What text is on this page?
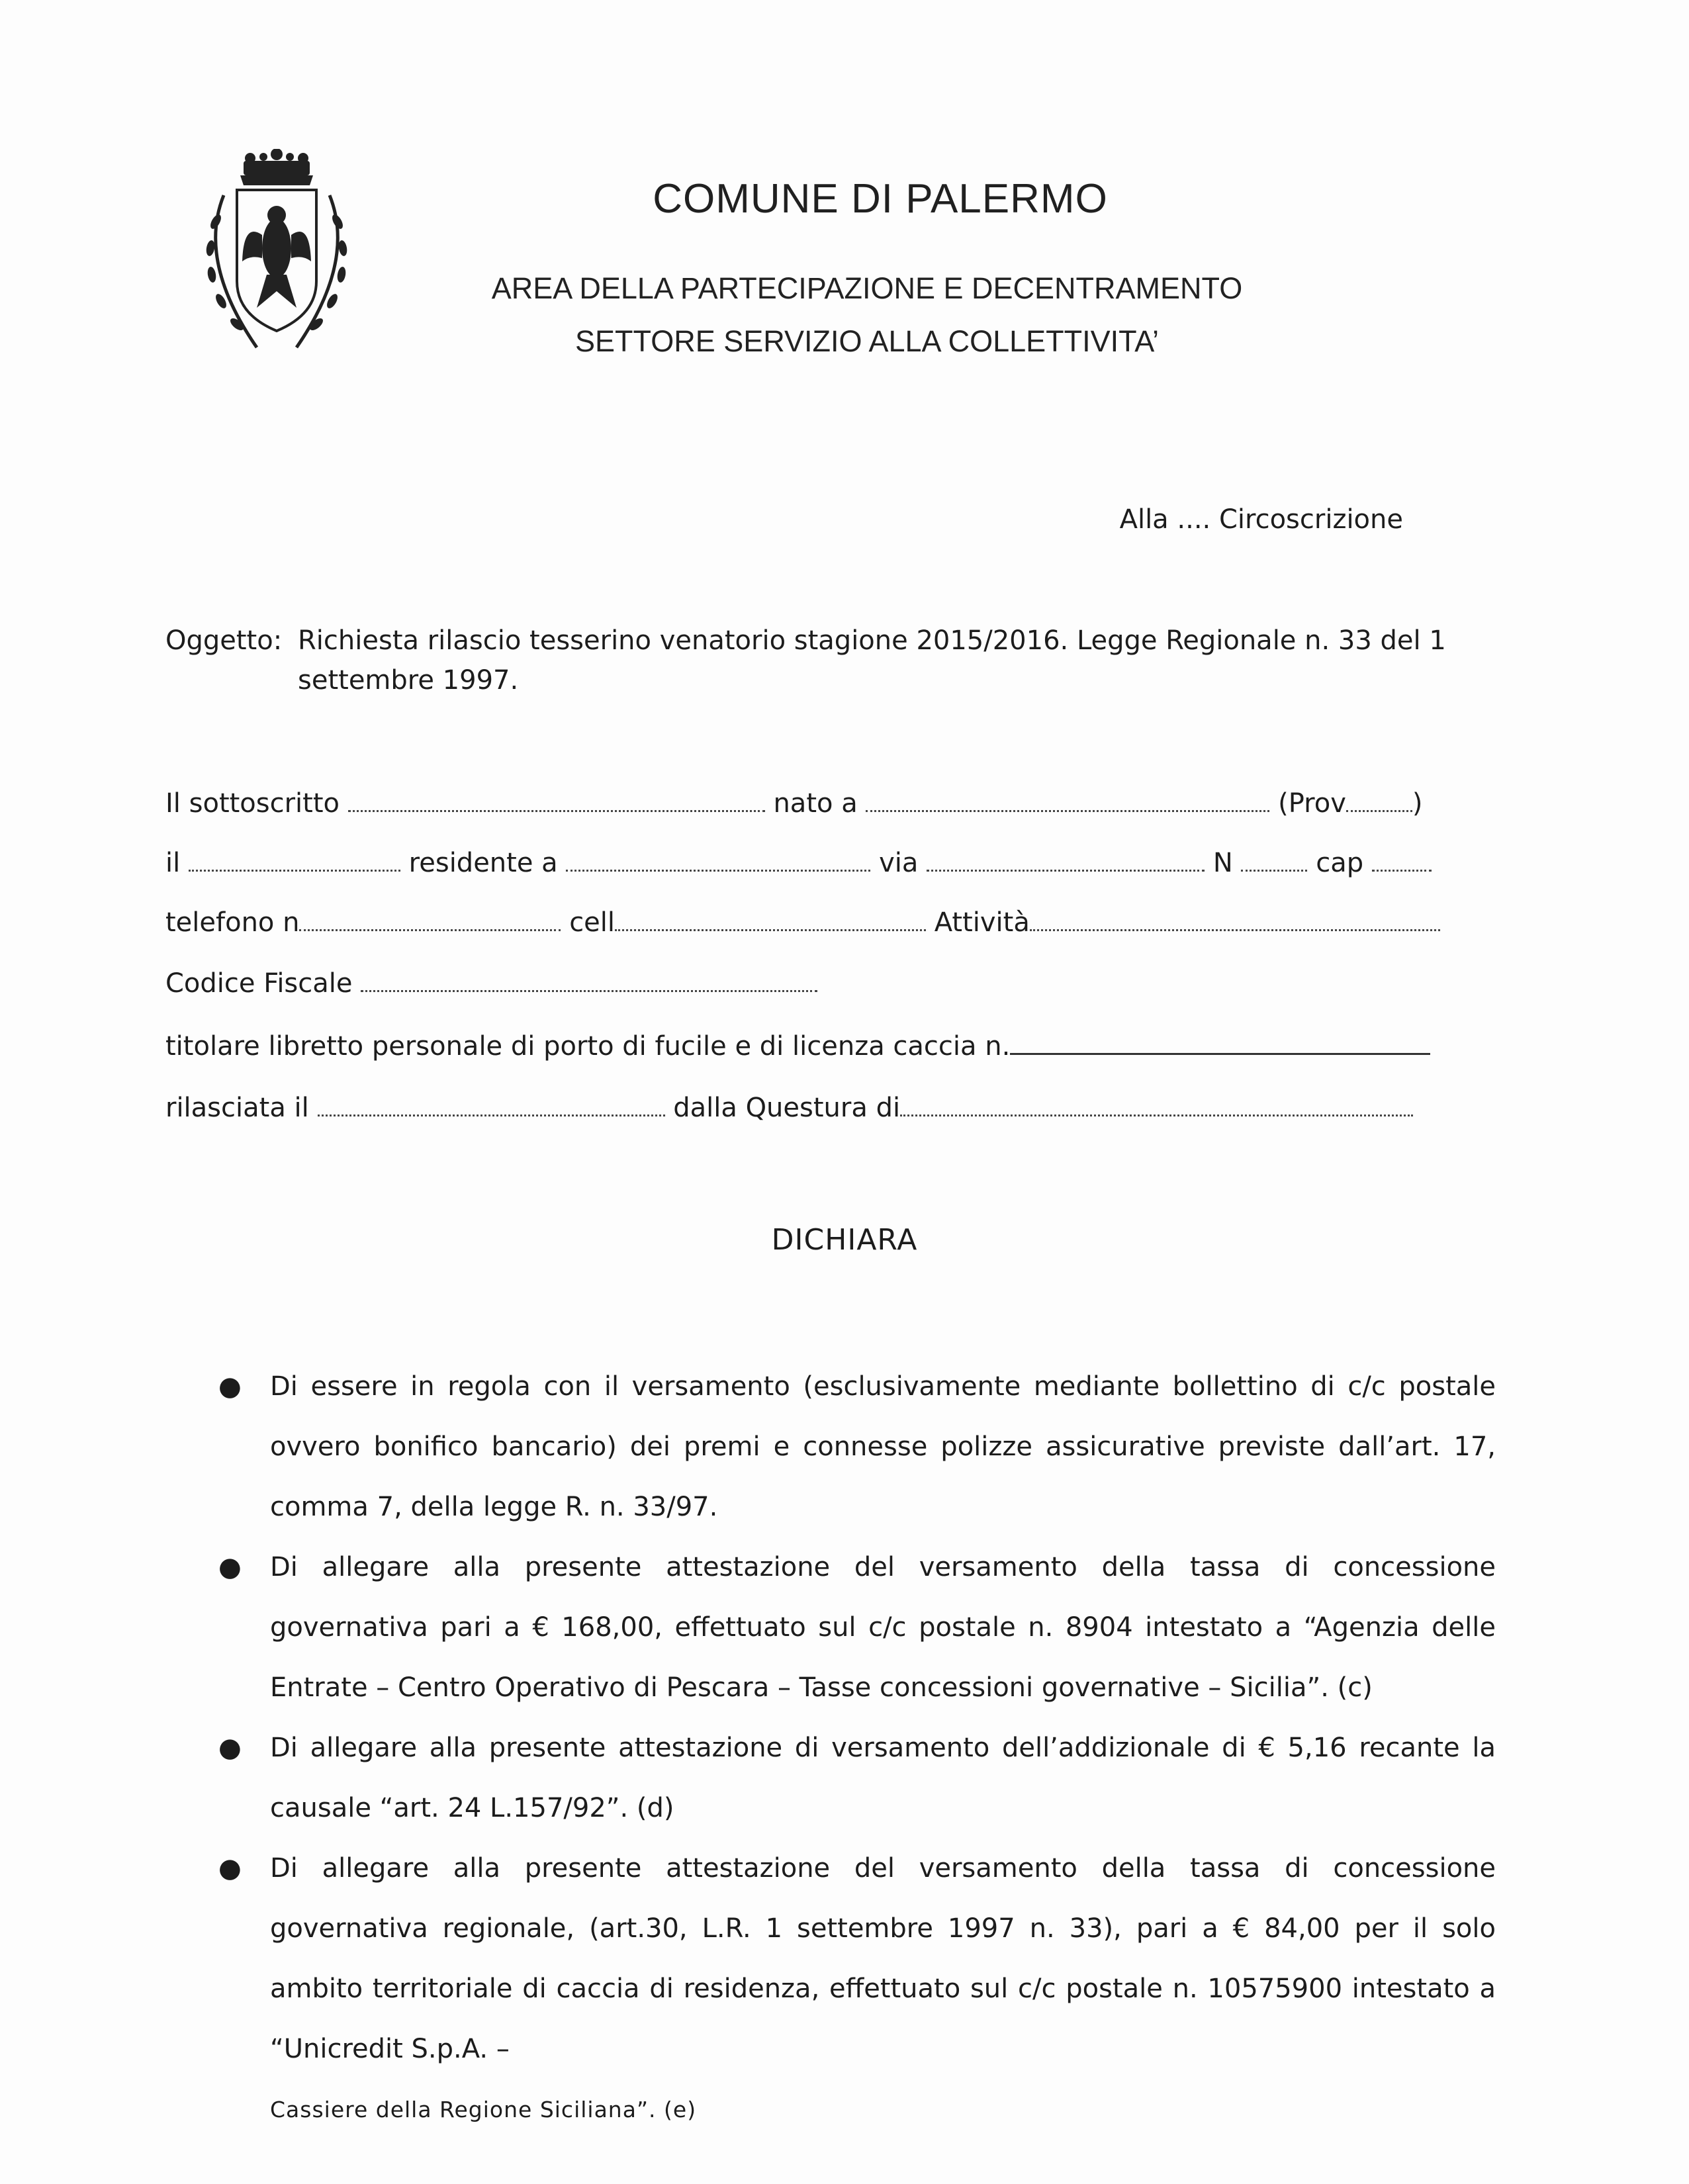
COMUNE DI PALERMO
AREA DELLA PARTECIPAZIONE E DECENTRAMENTO
SETTORE SERVIZIO ALLA COLLETTIVITA’
Alla .... Circoscrizione
Oggetto: Richiesta rilascio tesserino venatorio stagione 2015/2016. Legge Regionale n. 33 del 1
settembre 1997.
Il sottoscritto	nato a	(Prov	)
il	residente a	via	N	cap
telefono n	cell	Attività
Codice Fiscale
titolare libretto personale di porto di fucile e di licenza caccia n.
rilasciata il	dalla Questura di
DICHIARA
● Di essere in regola con il versamento (esclusivamente mediante bollettino di c/c postale ovvero bonifico bancario) dei premi e connesse polizze assicurative previste dall’art. 17, comma 7, della legge R. n. 33/97.
● Di allegare alla presente attestazione del versamento della tassa di concessione governativa pari a € 168,00, effettuato sul c/c postale n. 8904 intestato a “Agenzia delle Entrate – Centro Operativo di Pescara – Tasse concessioni governative – Sicilia”. (c)
● Di allegare alla presente attestazione di versamento dell’addizionale di € 5,16 recante la causale “art. 24 L.157/92”. (d)
● Di allegare alla presente attestazione del versamento della tassa di concessione governativa regionale, (art.30, L.R. 1 settembre 1997 n. 33), pari a € 84,00 per il solo ambito territoriale di caccia di residenza, effettuato sul c/c postale n. 10575900 intestato a “Unicredit S.p.A. –
Cassiere della Regione Siciliana”. (e)
